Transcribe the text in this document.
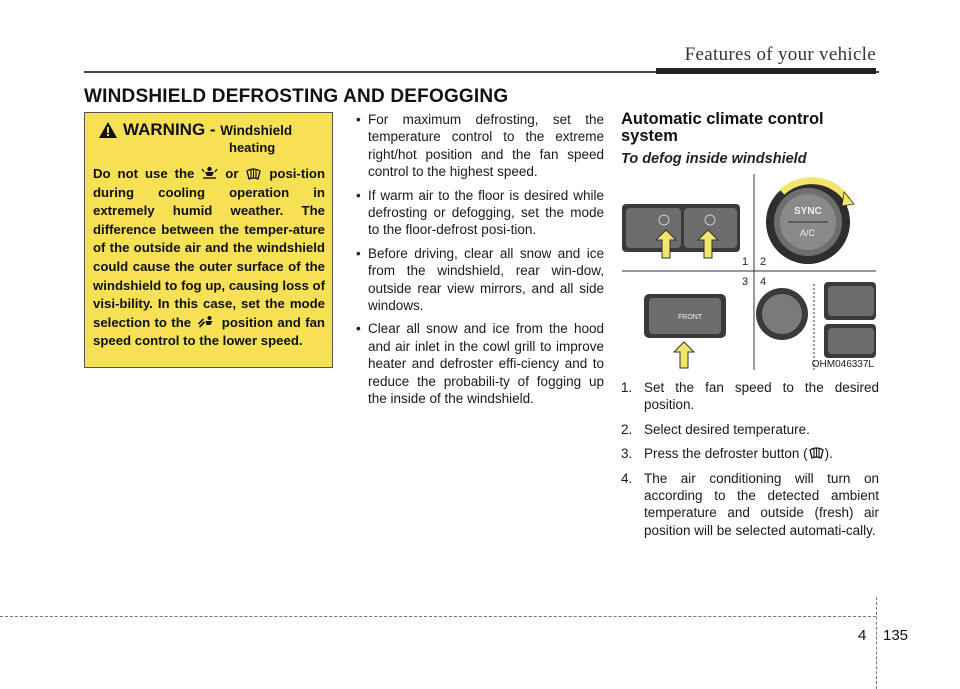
Features of your vehicle
WINDSHIELD DEFROSTING AND DEFOGGING
WARNING - Windshield
heating
Do not use the or posi-tion during cooling operation in extremely humid weather. The difference between the temper-ature of the outside air and the windshield could cause the outer surface of the windshield to fog up, causing loss of visi-bility. In this case, set the mode selection to the position and fan speed control to the lower speed.

• For maximum defrosting, set the temperature control to the extreme right/hot position and the fan speed control to the highest speed.

• If warm air to the floor is desired while defrosting or defogging, set the mode to the floor-defrost posi-tion.

• Before driving, clear all snow and ice from the windshield, rear win-dow, outside rear view mirrors, and all side windows.

• Clear all snow and ice from the hood and air inlet in the cowl grill to improve heater and defroster effi-ciency and to reduce the probabili-ty of fogging up the inside of the windshield.

Automatic climate control system
To defog inside windshield
1 2
3 4
SYNC
A/C
FRONT
OHM046337L
1. Set the fan speed to the desired position.
2. Select desired temperature.
3. Press the defroster button ( ).
4. The air conditioning will turn on according to the detected ambient temperature and outside (fresh) air position will be selected automati-cally.
4 135
